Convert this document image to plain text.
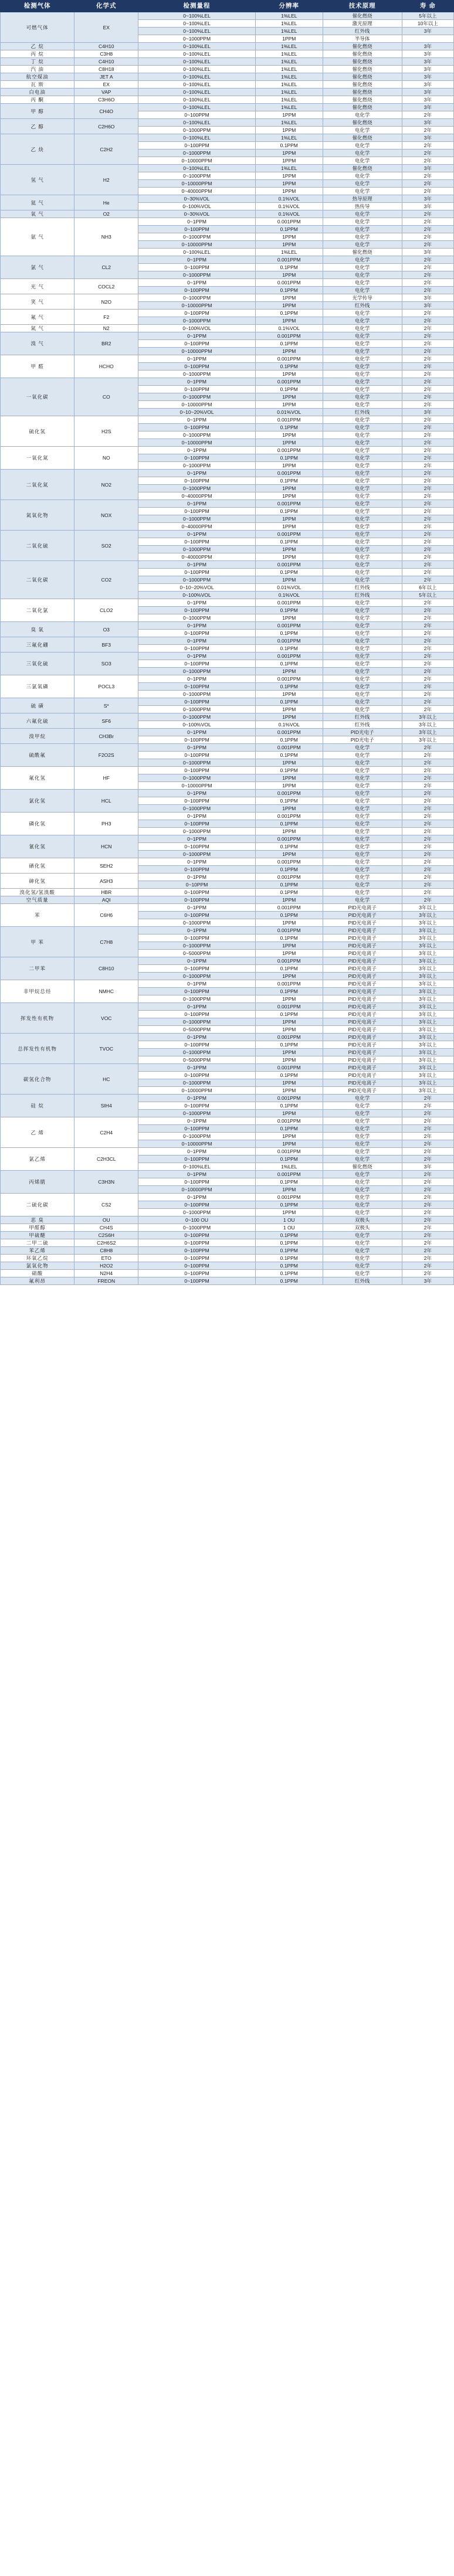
检测气体	化学式	检测量程	分辨率	技术原理	寿 命
可燃气体	EX	0~100%LEL	1%LEL	催化燃烧	5年以上
		0~100%LEL	1%LEL	激光原理	10年以上
		0~100%LEL	1%LEL	红外线	3年
		0~1000PPM	1PPM	半导体	
乙 烷	C4H10	0~100%LEL	1%LEL	催化燃烧	3年
丙 烷	C3H8	0~100%LEL	1%LEL	催化燃烧	3年
丁 烷	C4H10	0~100%LEL	1%LEL	催化燃烧	3年
汽 油	C8H18	0~100%LEL	1%LEL	催化燃烧	3年
航空煤油	JET A	0~100%LEL	1%LEL	催化燃烧	3年
瓦 斯	EX	0~100%LEL	1%LEL	催化燃烧	3年
白电油	VAP	0~100%LEL	1%LEL	催化燃烧	3年
丙 酮	C3H6O	0~100%LEL	1%LEL	催化燃烧	3年
甲 醇	CH4O	0~100%LEL	1%LEL	催化燃烧	3年
		0~100PPM	1PPM	电化学	2年
乙 醇	C2H6O	0~100%LEL	1%LEL	催化燃烧	3年
		0~1000PPM	1PPM	电化学	2年
乙 炔	C2H2	0~100%LEL	1%LEL	催化燃烧	3年
		0~100PPM	0.1PPM	电化学	2年
		0~1000PPM	1PPM	电化学	2年
		0~10000PPM	1PPM	电化学	2年
氢 气	H2	0~100%LEL	1%LEL	催化燃烧	3年
		0~1000PPM	1PPM	电化学	2年
		0~10000PPM	1PPM	电化学	2年
		0~40000PPM	1PPM	电化学	2年
氦 气	He	0~30%VOL	0.1%VOL	热导原理	3年
		0~100%VOL	0.1%VOL	热传导	3年
氧 气	O2	0~30%VOL	0.1%VOL	电化学	2年
氨 气	NH3	0~1PPM	0.001PPM	电化学	2年
		0~100PPM	0.1PPM	电化学	2年
		0~1000PPM	1PPM	电化学	2年
		0~10000PPM	1PPM	电化学	2年
		0~100%LEL	1%LEL	催化燃烧	3年
氯 气	CL2	0~1PPM	0.001PPM	电化学	2年
		0~100PPM	0.1PPM	电化学	2年
		0~1000PPM	1PPM	电化学	2年
光 气	COCL2	0~1PPM	0.001PPM	电化学	2年
		0~100PPM	0.1PPM	电化学	2年
笑 气	N2O	0~1000PPM	1PPM	光学传导	3年
		0~10000PPM	1PPM	红外线	3年
氟 气	F2	0~100PPM	0.1PPM	电化学	2年
		0~1000PPM	1PPM	电化学	2年
氮 气	N2	0~100%VOL	0.1%VOL	电化学	2年
溴 气	BR2	0~1PPM	0.001PPM	电化学	2年
		0~100PPM	0.1PPM	电化学	2年
		0~10000PPM	1PPM	电化学	2年
甲 醛	HCHO	0~1PPM	0.001PPM	电化学	2年
		0~100PPM	0.1PPM	电化学	2年
		0~1000PPM	1PPM	电化学	2年
一氧化碳	CO	0~1PPM	0.001PPM	电化学	2年
		0~100PPM	0.1PPM	电化学	2年
		0~1000PPM	1PPM	电化学	2年
		0~10000PPM	1PPM	电化学	2年
		0~10~20%VOL	0.01%VOL	红外线	3年
硫化氢	H2S	0~1PPM	0.001PPM	电化学	2年
		0~100PPM	0.1PPM	电化学	2年
		0~1000PPM	1PPM	电化学	2年
		0~10000PPM	1PPM	电化学	2年
一氧化氮	NO	0~1PPM	0.001PPM	电化学	2年
		0~100PPM	0.1PPM	电化学	2年
		0~1000PPM	1PPM	电化学	2年
二氧化氮	NO2	0~1PPM	0.001PPM	电化学	2年
		0~100PPM	0.1PPM	电化学	2年
		0~1000PPM	1PPM	电化学	2年
		0~40000PPM	1PPM	电化学	2年
氮氧化物	NOX	0~1PPM	0.001PPM	电化学	2年
		0~100PPM	0.1PPM	电化学	2年
		0~1000PPM	1PPM	电化学	2年
		0~40000PPM	1PPM	电化学	2年
二氧化硫	SO2	0~1PPM	0.001PPM	电化学	2年
		0~100PPM	0.1PPM	电化学	2年
		0~1000PPM	1PPM	电化学	2年
		0~40000PPM	1PPM	电化学	2年
二氧化碳	CO2	0~1PPM	0.001PPM	电化学	2年
		0~100PPM	0.1PPM	电化学	2年
		0~1000PPM	1PPM	电化学	2年
		0~10~20%VOL	0.01%VOL	红外线	6年以上
		0~100%VOL	0.1%VOL	红外线	5年以上
二氧化氯	CLO2	0~1PPM	0.001PPM	电化学	2年
		0~100PPM	0.1PPM	电化学	2年
		0~1000PPM	1PPM	电化学	2年
臭 氧	O3	0~1PPM	0.001PPM	电化学	2年
		0~100PPM	0.1PPM	电化学	2年
三氟化硼	BF3	0~1PPM	0.001PPM	电化学	2年
		0~100PPM	0.1PPM	电化学	2年
三氧化硫	SO3	0~1PPM	0.001PPM	电化学	2年
		0~100PPM	0.1PPM	电化学	2年
		0~1000PPM	1PPM	电化学	2年
三氯氧磷	POCL3	0~1PPM	0.001PPM	电化学	2年
		0~100PPM	0.1PPM	电化学	2年
		0~1000PPM	1PPM	电化学	2年
硫 磺	S*	0~100PPM	0.1PPM	电化学	2年
		0~1000PPM	1PPM	电化学	2年
六氟化硫	SF6	0~1000PPM	1PPM	红外线	3年以上
		0~100%VOL	0.1%VOL	红外线	3年以上
溴甲烷	CH3Br	0~1PPM	0.001PPM	PID光电子	3年以上
		0~100PPM	0.1PPM	PID光电子	3年以上
硫酰氟	F2O2S	0~1PPM	0.001PPM	电化学	2年
		0~100PPM	0.1PPM	电化学	2年
		0~1000PPM	1PPM	电化学	2年
氟化氢	HF	0~100PPM	0.1PPM	电化学	2年
		0~1000PPM	1PPM	电化学	2年
		0~10000PPM	1PPM	电化学	2年
氯化氢	HCL	0~1PPM	0.001PPM	电化学	2年
		0~100PPM	0.1PPM	电化学	2年
		0~1000PPM	1PPM	电化学	2年
磷化氢	PH3	0~1PPM	0.001PPM	电化学	2年
		0~100PPM	0.1PPM	电化学	2年
		0~1000PPM	1PPM	电化学	2年
氰化氢	HCN	0~1PPM	0.001PPM	电化学	2年
		0~100PPM	0.1PPM	电化学	2年
		0~1000PPM	1PPM	电化学	2年
硒化氢	SEH2	0~1PPM	0.001PPM	电化学	2年
		0~100PPM	0.1PPM	电化学	2年
砷化氢	ASH3	0~1PPM	0.001PPM	电化学	2年
		0~10PPM	0.1PPM	电化学	2年
溴化氢/氢溴酸	HBR	0~100PPM	0.1PPM	电化学	2年
空气质量	AQI	0~100PPM	1PPM	电化学	2年
苯	C6H6	0~1PPM	0.001PPM	PID光电离子	3年以上
		0~100PPM	0.1PPM	PID光电离子	3年以上
		0~1000PPM	1PPM	PID光电离子	3年以上
甲 苯	C7H8	0~1PPM	0.001PPM	PID光电离子	3年以上
		0~100PPM	0.1PPM	PID光电离子	3年以上
		0~1000PPM	1PPM	PID光电离子	3年以上
		0~5000PPM	1PPM	PID光电离子	3年以上
二甲苯	C8H10	0~1PPM	0.001PPM	PID光电离子	3年以上
		0~100PPM	0.1PPM	PID光电离子	3年以上
		0~1000PPM	1PPM	PID光电离子	3年以上
非甲烷总烃	NMHC	0~1PPM	0.001PPM	PID光电离子	3年以上
		0~100PPM	0.1PPM	PID光电离子	3年以上
		0~1000PPM	1PPM	PID光电离子	3年以上
挥发性有机物	VOC	0~1PPM	0.001PPM	PID光电离子	3年以上
		0~100PPM	0.1PPM	PID光电离子	3年以上
		0~1000PPM	1PPM	PID光电离子	3年以上
		0~5000PPM	1PPM	PID光电离子	3年以上
总挥发性有机物	TVOC	0~1PPM	0.001PPM	PID光电离子	3年以上
		0~100PPM	0.1PPM	PID光电离子	3年以上
		0~1000PPM	1PPM	PID光电离子	3年以上
		0~5000PPM	1PPM	PID光电离子	3年以上
碳氢化合物	HC	0~1PPM	0.001PPM	PID光电离子	3年以上
		0~100PPM	0.1PPM	PID光电离子	3年以上
		0~1000PPM	1PPM	PID光电离子	3年以上
		0~10000PPM	1PPM	PID光电离子	3年以上
硅 烷	SIH4	0~1PPM	0.001PPM	电化学	2年
		0~100PPM	0.1PPM	电化学	2年
		0~1000PPM	1PPM	电化学	2年
乙 烯	C2H4	0~1PPM	0.001PPM	电化学	2年
		0~100PPM	0.1PPM	电化学	2年
		0~1000PPM	1PPM	电化学	2年
		0~10000PPM	1PPM	电化学	2年
氯乙烯	C2H3CL	0~1PPM	0.001PPM	电化学	2年
		0~100PPM	0.1PPM	电化学	2年
		0~100%LEL	1%LEL	催化燃烧	3年
丙烯腈	C3H3N	0~1PPM	0.001PPM	电化学	2年
		0~100PPM	0.1PPM	电化学	2年
		0~10000PPM	1PPM	电化学	2年
二硫化碳	CS2	0~1PPM	0.001PPM	电化学	2年
		0~100PPM	0.1PPM	电化学	2年
		0~1000PPM	1PPM	电化学	2年
恶 臭	OU	0~100 OU	1 OU	双极头	2年
甲醛醇	CH4S	0~1000PPM	1 OU	双极头	2年
甲硫醚	C2S6H	0~100PPM	0.1PPM	电化学	2年
二甲二硫	C2H6S2	0~100PPM	0.1PPM	电化学	2年
苯乙烯	C8H8	0~100PPM	0.1PPM	电化学	2年
环氧乙烷	ETO	0~100PPM	0.1PPM	电化学	2年
氯氧化物	H2O2	0~100PPM	0.1PPM	电化学	2年
硝酸	N2H4	0~100PPM	0.1PPM	电化学	2年
氟利昂	FREON	0~100PPM	0.1PPM	红外线	3年
